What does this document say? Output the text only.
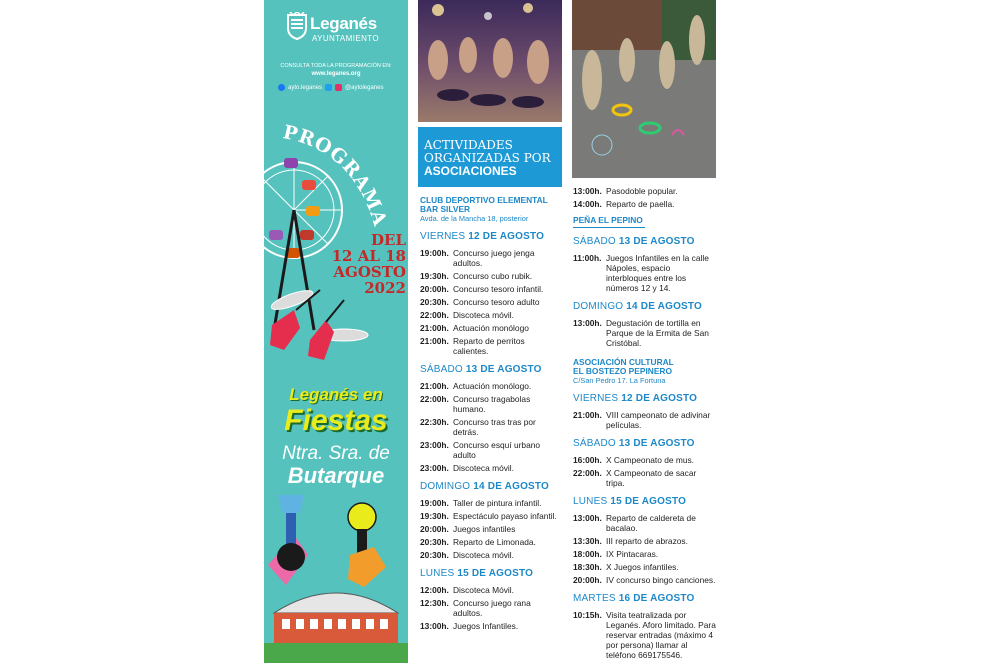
Leganés
AYUNTAMIENTO
CONSULTA TODA LA PROGRAMACIÓN EN:
www.leganes.org
ayto.leganes	@aytoleganes
PROGRAMA
DEL
12 AL 18
AGOSTO
2022
Leganés en
Fiestas
Ntra. Sra. de
Butarque
ACTIVIDADES
ORGANIZADAS POR
ASOCIACIONES
CLUB DEPORTIVO ELEMENTAL BAR SILVER
Avda. de la Mancha 18, posterior
VIERNES 12 DE AGOSTO
19:00h. Concurso juego jenga adultos.
19:30h. Concurso cubo rubik.
20:00h. Concurso tesoro infantil.
20:30h. Concurso tesoro adulto
22:00h. Discoteca móvil.
21:00h. Actuación monólogo
21:00h. Reparto de perritos calientes.
SÁBADO 13 DE AGOSTO
21:00h. Actuación monólogo.
22:00h. Concurso tragabolas humano.
22:30h. Concurso tras tras por detrás.
23:00h. Concurso esquí urbano adulto
23:00h. Discoteca móvil.
DOMINGO 14 DE AGOSTO
19:00h. Taller de pintura infantil.
19:30h. Espectáculo payaso infantil.
20:00h. Juegos infantiles
20:30h. Reparto de Limonada.
20:30h. Discoteca móvil.
LUNES 15 DE AGOSTO
12:00h. Discoteca Móvil.
12:30h. Concurso juego rana adultos.
13:00h. Juegos Infantiles.
13:00h. Pasodoble popular.
14:00h. Reparto de paella.
PEÑA EL PEPINO
SÁBADO 13 DE AGOSTO
11:00h. Juegos Infantiles en la calle Nápoles, espacio interbloques entre los números 12 y 14.
DOMINGO 14 DE AGOSTO
13:00h. Degustación de tortilla en Parque de la Ermita de San Cristóbal.
ASOCIACIÓN CULTURAL
EL BOSTEZO PEPINERO
C/San Pedro 17. La Fortuna
VIERNES 12 DE AGOSTO
21:00h. VIII campeonato de adivinar películas.
SÁBADO 13 DE AGOSTO
16:00h. X Campeonato de mus.
22:00h. X Campeonato de sacar tripa.
LUNES 15 DE AGOSTO
13:00h. Reparto de caldereta de bacalao.
13:30h. III reparto de abrazos.
18:00h. IX Pintacaras.
18:30h. X Juegos infantiles.
20:00h. IV concurso bingo canciones.
MARTES 16 DE AGOSTO
10:15h. Visita teatralizada por Leganés. Aforo limitado. Para reservar entradas (máximo 4 por persona) llamar al teléfono 669175546.
